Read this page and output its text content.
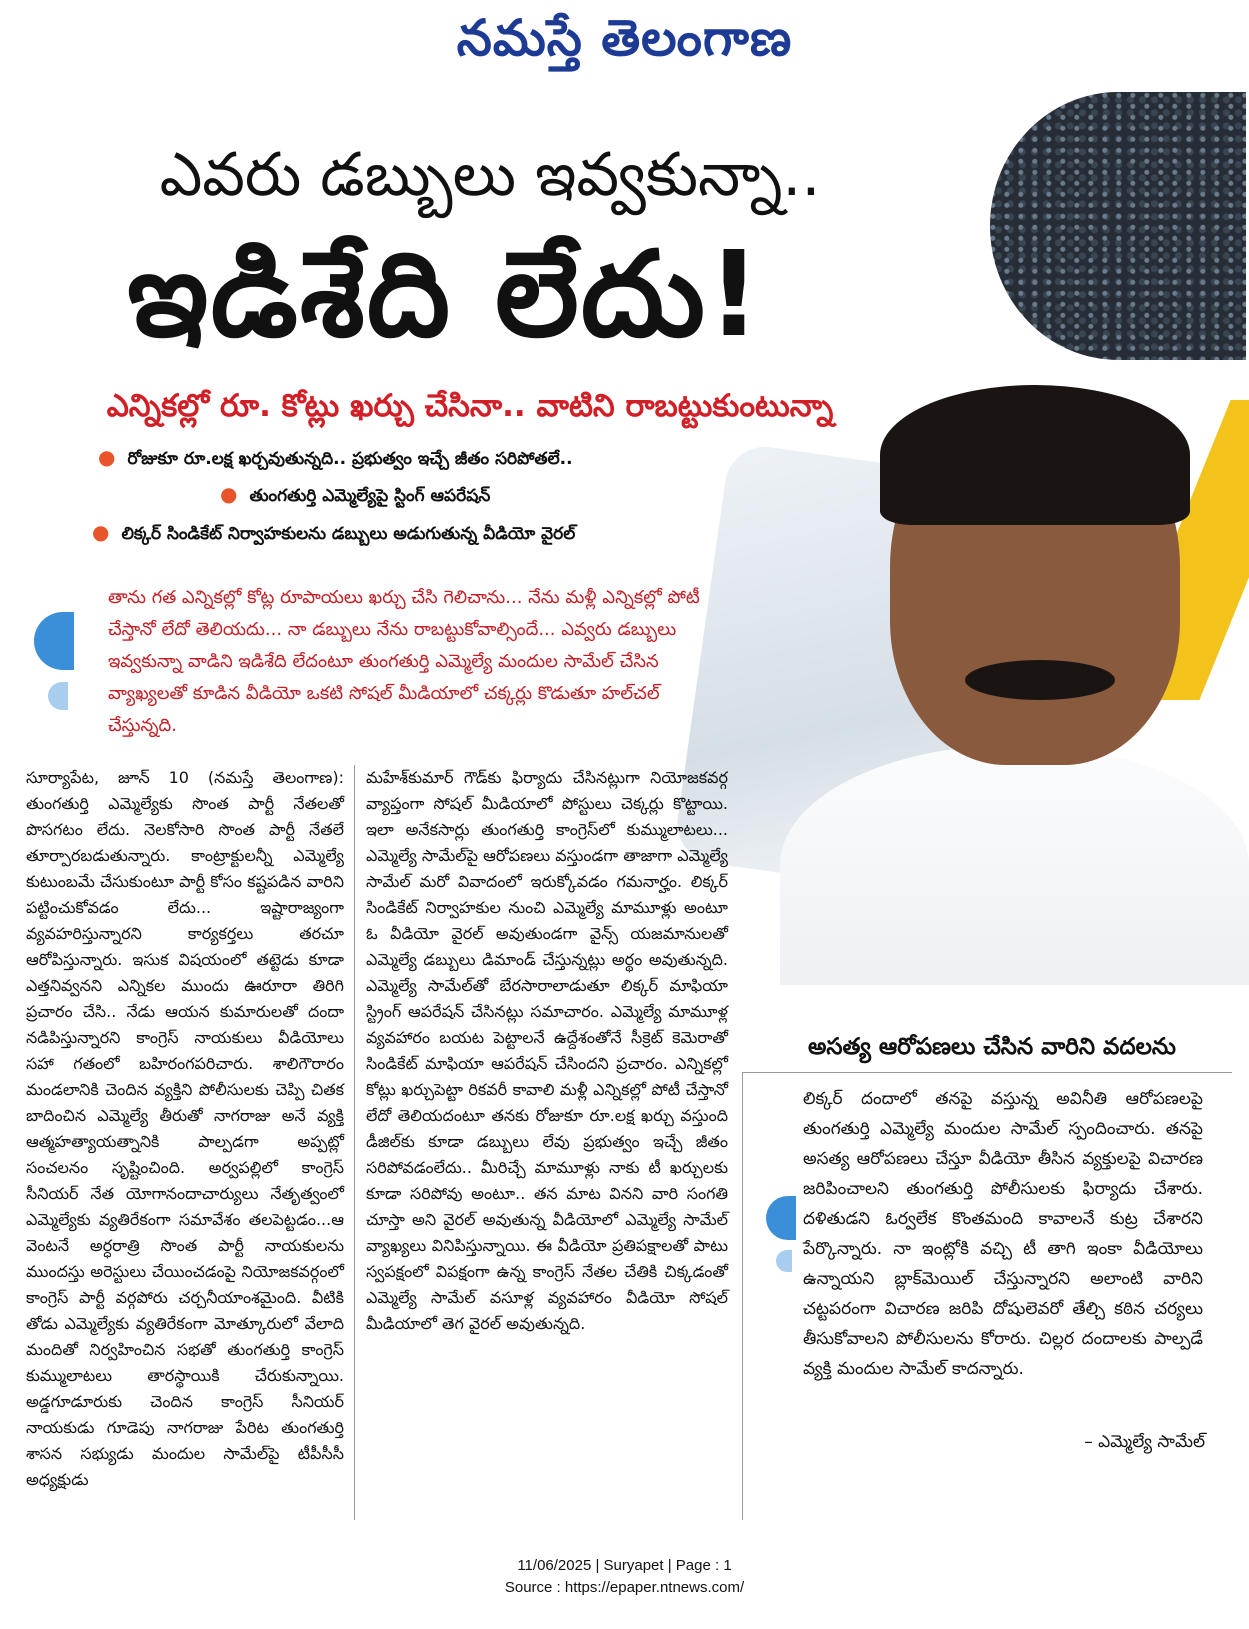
నమస్తే తెలంగాణ
ఎవరు డబ్బులు ఇవ్వకున్నా..
ఇడిశేది లేదు!
ఎన్నికల్లో రూ. కోట్లు ఖర్చు చేసినా.. వాటిని రాబట్టుకుంటున్నా
● రోజుకూ రూ.లక్ష ఖర్చవుతున్నది.. ప్రభుత్వం ఇచ్చే జీతం సరిపోతలే..
● తుంగతుర్తి ఎమ్మెల్యేపై స్టింగ్ ఆపరేషన్
● లిక్కర్ సిండికేట్ నిర్వాహకులను డబ్బులు అడుగుతున్న వీడియో వైరల్
తాను గత ఎన్నికల్లో కోట్ల రూపాయలు ఖర్చు చేసి గెలిచాను... నేను మళ్లీ ఎన్నికల్లో పోటీ చేస్తానో లేదో తెలియదు... నా డబ్బులు నేను రాబట్టుకోవాల్సిందే... ఎవ్వరు డబ్బులు ఇవ్వకున్నా వాడిని ఇడిశేది లేదంటూ తుంగతుర్తి ఎమ్మెల్యే మందుల సామేల్ చేసిన వ్యాఖ్యలతో కూడిన వీడియో ఒకటి సోషల్ మీడియాలో చక్కర్లు కొడుతూ హల్‌చల్ చేస్తున్నది.

సూర్యాపేట, జూన్ 10 (నమస్తే తెలంగాణ): తుంగతుర్తి ఎమ్మెల్యేకు సొంత పార్టీ నేతలతో పొసగటం లేదు. నెలకోసారి సొంత పార్టీ నేతలే తూర్పారబడుతున్నారు. కాంట్రాక్టులన్నీ ఎమ్మెల్యే కుటుంబమే చేసుకుంటూ పార్టీ కోసం కష్టపడిన వారిని పట్టించుకోవడం లేదు... ఇష్టారాజ్యంగా వ్యవహరిస్తున్నారని కార్యకర్తలు తరచూ ఆరోపిస్తున్నారు. ఇసుక విషయంలో తట్టెడు కూడా ఎత్తనివ్వనని ఎన్నికల ముందు ఊరూరా తిరిగి ప్రచారం చేసి.. నేడు ఆయన కుమారులతో దందా నడిపిస్తున్నారని కాంగ్రెస్ నాయకులు వీడియోలు సహా గతంలో బహిరంగపరిచారు. శాలిగౌరారం మండలానికి చెందిన వ్యక్తిని పోలీసులకు చెప్పి చితక బాదించిన ఎమ్మెల్యే తీరుతో నాగరాజు అనే వ్యక్తి ఆత్మహత్యాయత్నానికి పాల్పడగా అప్పట్లో సంచలనం సృష్టించింది. అర్వపల్లిలో కాంగ్రెస్ సీనియర్ నేత యోగానందాచార్యులు నేతృత్వంలో ఎమ్మెల్యేకు వ్యతిరేకంగా సమావేశం తలపెట్టడం...ఆ వెంటనే అర్ధరాత్రి సొంత పార్టీ నాయకులను ముందస్తు అరెస్టులు చేయించడంపై నియోజకవర్గంలో కాంగ్రెస్ పార్టీ వర్గపోరు చర్చనీయాంశమైంది. వీటికి తోడు ఎమ్మెల్యేకు వ్యతిరేకంగా మోత్కూరులో వేలాది మందితో నిర్వహించిన సభతో తుంగతుర్తి కాంగ్రెస్ కుమ్ములాటలు తారస్థాయికి చేరుకున్నాయి. అడ్డగూడూరుకు చెందిన కాంగ్రెస్ సీనియర్ నాయకుడు గూడెపు నాగరాజు పేరిట తుంగతుర్తి శాసన సభ్యుడు మందుల సామేల్‌పై టీపీసీసీ అధ్యక్షుడు

మహేశ్‌కుమార్ గౌడ్‌కు ఫిర్యాదు చేసినట్లుగా నియోజకవర్గ వ్యాప్తంగా సోషల్ మీడియాలో పోస్టులు చెక్కర్లు కొట్టాయి. ఇలా అనేకసార్లు తుంగతుర్తి కాంగ్రెస్‌లో కుమ్ములాటలు... ఎమ్మెల్యే సామేల్‌పై ఆరోపణలు వస్తుండగా తాజాగా ఎమ్మెల్యే సామేల్ మరో వివాదంలో ఇరుక్కోవడం గమనార్హం. లిక్కర్ సిండికేట్ నిర్వాహకుల నుంచి ఎమ్మెల్యే మామూళ్లు అంటూ ఓ వీడియో వైరల్ అవుతుండగా వైన్స్ యజమానులతో ఎమ్మెల్యే డబ్బులు డిమాండ్ చేస్తున్నట్లు అర్థం అవుతున్నది. ఎమ్మెల్యే సామేల్‌తో బేరసారాలాడుతూ లిక్కర్ మాఫియా స్ట్రింగ్ ఆపరేషన్ చేసినట్లు సమాచారం. ఎమ్మెల్యే మామూళ్ల వ్యవహారం బయట పెట్టాలనే ఉద్దేశంతోనే సీక్రెట్ కెమెరాతో సిండికేట్ మాఫియా ఆపరేషన్ చేసిందని ప్రచారం. ఎన్నికల్లో కోట్లు ఖర్చుపెట్టా రికవరీ కావాలి మళ్లీ ఎన్నికల్లో పోటీ చేస్తానో లేదో తెలియదంటూ తనకు రోజుకూ రూ.లక్ష ఖర్చు వస్తుంది డీజిల్‌కు కూడా డబ్బులు లేవు ప్రభుత్వం ఇచ్చే జీతం సరిపోవడంలేదు.. మీరిచ్చే మామూళ్లు నాకు టీ ఖర్చులకు కూడా సరిపోవు అంటూ.. తన మాట వినని వారి సంగతి చూస్తా అని వైరల్ అవుతున్న వీడియోలో ఎమ్మెల్యే సామేల్ వ్యాఖ్యలు వినిపిస్తున్నాయి. ఈ వీడియో ప్రతిపక్షాలతో పాటు స్వపక్షంలో విపక్షంగా ఉన్న కాంగ్రెస్ నేతల చేతికి చిక్కడంతో ఎమ్మెల్యే సామేల్ వసూళ్ల వ్యవహారం వీడియో సోషల్ మీడియాలో తెగ వైరల్ అవుతున్నది.

అసత్య ఆరోపణలు చేసిన వారిని వదలను
లిక్కర్ దందాలో తనపై వస్తున్న అవినీతి ఆరోపణలపై తుంగతుర్తి ఎమ్మెల్యే మందుల సామేల్ స్పందించారు. తనపై అసత్య ఆరోపణలు చేస్తూ వీడియో తీసిన వ్యక్తులపై విచారణ జరిపించాలని తుంగతుర్తి పోలీసులకు ఫిర్యాదు చేశారు. దళితుడని ఓర్వలేక కొంతమంది కావాలనే కుట్ర చేశారని పేర్కొన్నారు. నా ఇంట్లోకి వచ్చి టీ తాగి ఇంకా వీడియోలు ఉన్నాయని బ్లాక్‌మెయిల్ చేస్తున్నారని అలాంటి వారిని చట్టపరంగా విచారణ జరిపి దోషులెవరో తేల్చి కఠిన చర్యలు తీసుకోవాలని పోలీసులను కోరారు. చిల్లర దందాలకు పాల్పడే వ్యక్తి మందుల సామేల్ కాదన్నారు.
– ఎమ్మెల్యే సామేల్
11/06/2025 | Suryapet | Page : 1
Source : https://epaper.ntnews.com/
